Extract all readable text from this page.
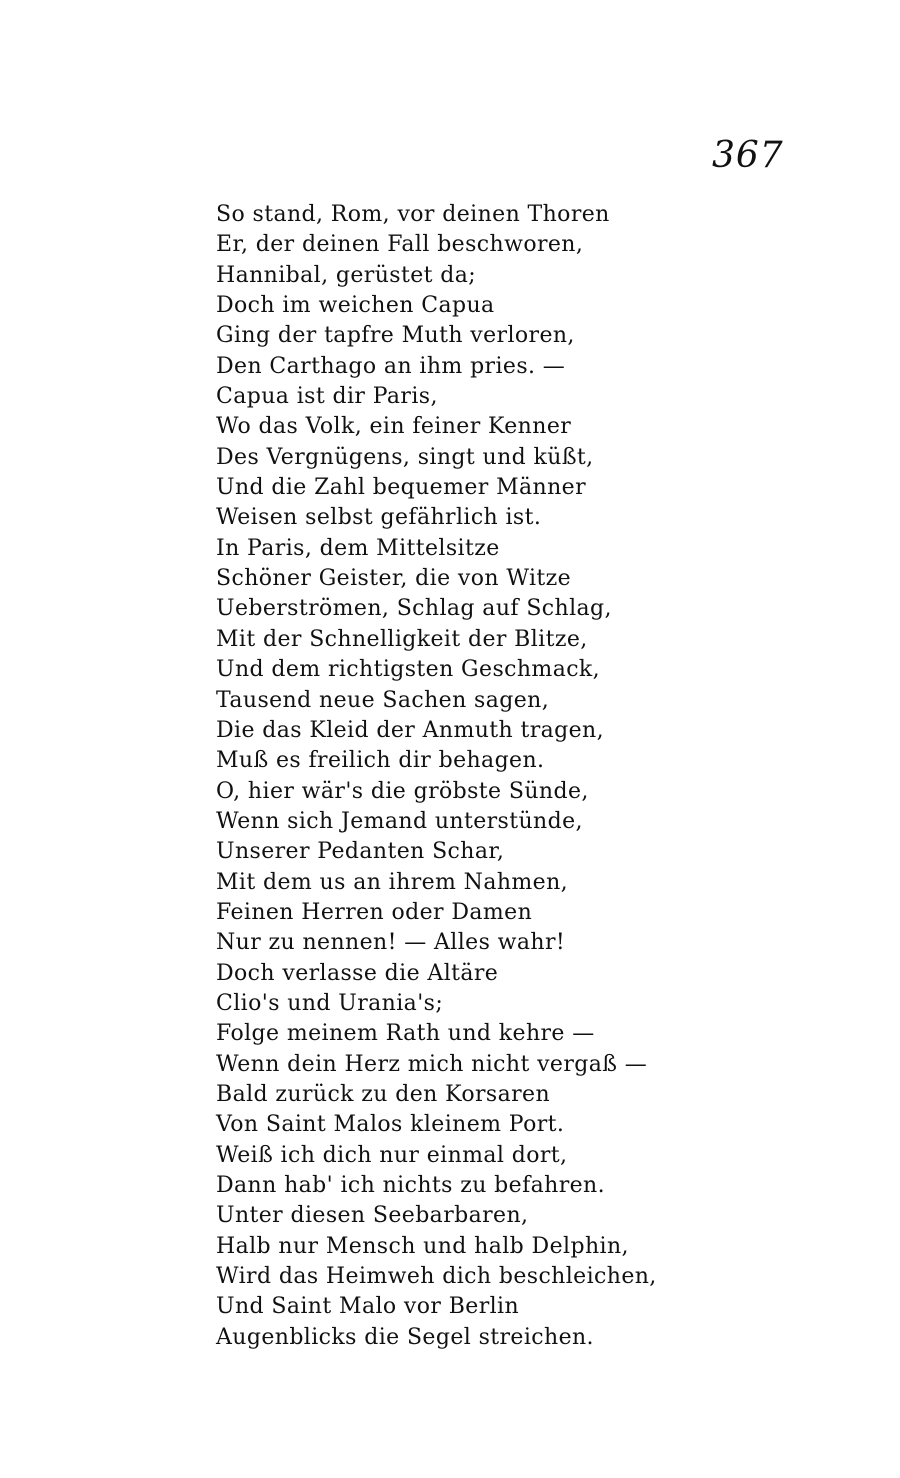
367
So stand, Rom, vor deinen Thoren
Er, der deinen Fall beschworen,
Hannibal, gerüstet da;
Doch im weichen Capua
Ging der tapfre Muth verloren,
Den Carthago an ihm pries. —
Capua ist dir Paris,
Wo das Volk, ein feiner Kenner
Des Vergnügens, singt und küßt,
Und die Zahl bequemer Männer
Weisen selbst gefährlich ist.
In Paris, dem Mittelsitze
Schöner Geister, die von Witze
Ueberströmen, Schlag auf Schlag,
Mit der Schnelligkeit der Blitze,
Und dem richtigsten Geschmack,
Tausend neue Sachen sagen,
Die das Kleid der Anmuth tragen,
Muß es freilich dir behagen.
O, hier wär's die gröbste Sünde,
Wenn sich Jemand unterstünde,
Unserer Pedanten Schar,
Mit dem us an ihrem Nahmen,
Feinen Herren oder Damen
Nur zu nennen! — Alles wahr!
Doch verlasse die Altäre
Clio's und Urania's;
Folge meinem Rath und kehre —
Wenn dein Herz mich nicht vergaß —
Bald zurück zu den Korsaren
Von Saint Malos kleinem Port.
Weiß ich dich nur einmal dort,
Dann hab' ich nichts zu befahren.
Unter diesen Seebarbaren,
Halb nur Mensch und halb Delphin,
Wird das Heimweh dich beschleichen,
Und Saint Malo vor Berlin
Augenblicks die Segel streichen.
